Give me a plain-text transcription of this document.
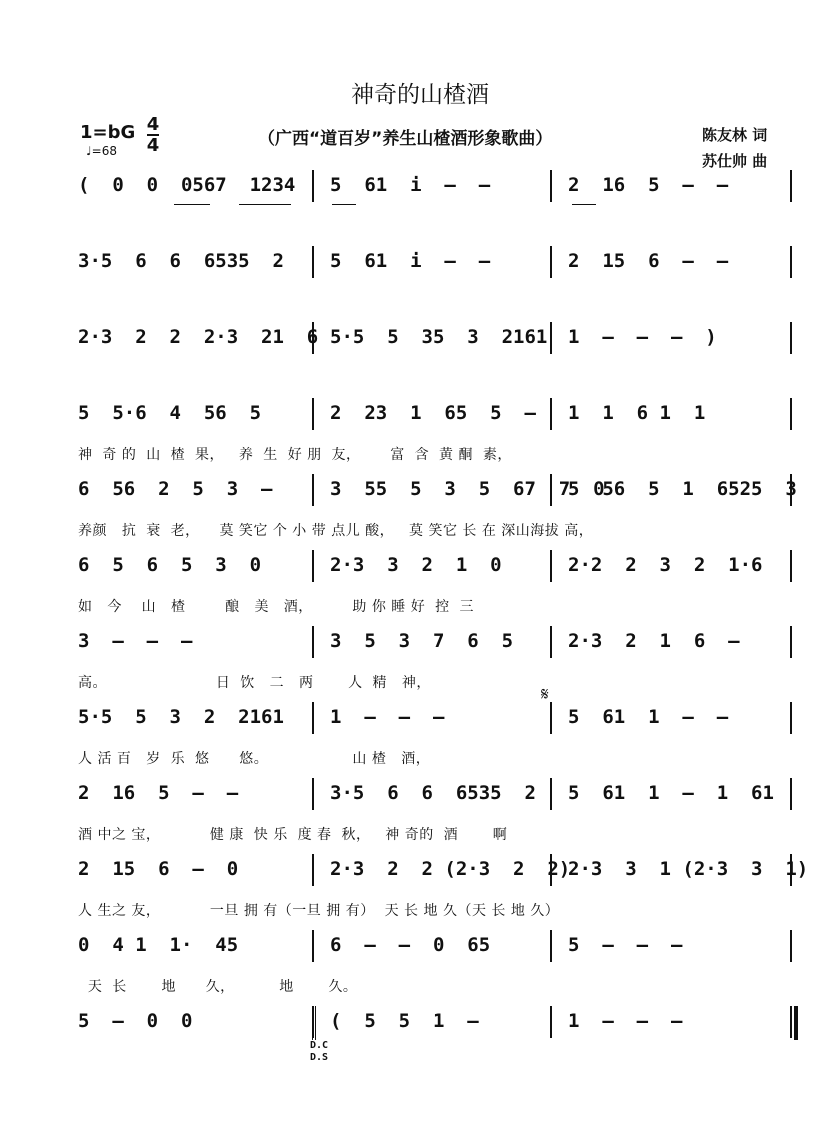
神奇的山楂酒
1=bG 4
4
♩=68
（广西“道百岁”养生山楂酒形象歌曲）	陈友林 词
苏仕帅 曲
(  0  0  0567  1234 5  61  i  –  –	2  16  5  –  –
3·5  6  6  6535  2 5  61  i  –  –	2  15  6  –  –
2·3  2  2  2·3  21  6 5·5  5  35  3  2161 1  –  –  –  )
5  5·6  4  56  5	2  23  1  65  5  – 1  1  6 1  1
神  奇 的  山  楂  果，   养  生  好 朋  友，      富  含  黄 酮  素，
6  56  2  5  3  –	3  55  5  3  5  67  7  0
5  56  5  1  6525  3
养颜   抗  衰  老，    莫 笑它 个 小 带 点儿 酸，   莫 笑它 长 在 深山海拔 高，
6  5  6  5  3  0	2·3  3  2  1  0	2·2  2  3  2  1·6
如   今    山   楂        酿   美   酒，        助 你 睡 好  控  三
3  –  –  –	3  5  3  7  6  5	2·3  2  1  6  –
高。                      日  饮   二   两       人  精   神，
5·5  5  3  2  2161 1  –  –  –	5  61  1  –  –
人 活 百   岁  乐  悠      悠。                 山 楂   酒，
2  16  5  –  –	3·5  6  6  6535  2 5  61  1  –  1  61
酒 中之 宝，          健 康  快 乐  度 春  秋，   神 奇的  酒       啊
2  15  6  –  0	2·3  2  2 (2·3  2  2)
2·3  3  1 (2·3  3  1)
人 生之 友，          一旦 拥 有（一旦 拥 有）  天 长 地 久（天 长 地 久）
0  4 1  1·  45	6  –  –  0  65	5  –  –  –
天  长       地      久，         地       久。
5  –  0  0	(  5  5  1  –	1  –  –  –
𝄋
D.C
D.S
